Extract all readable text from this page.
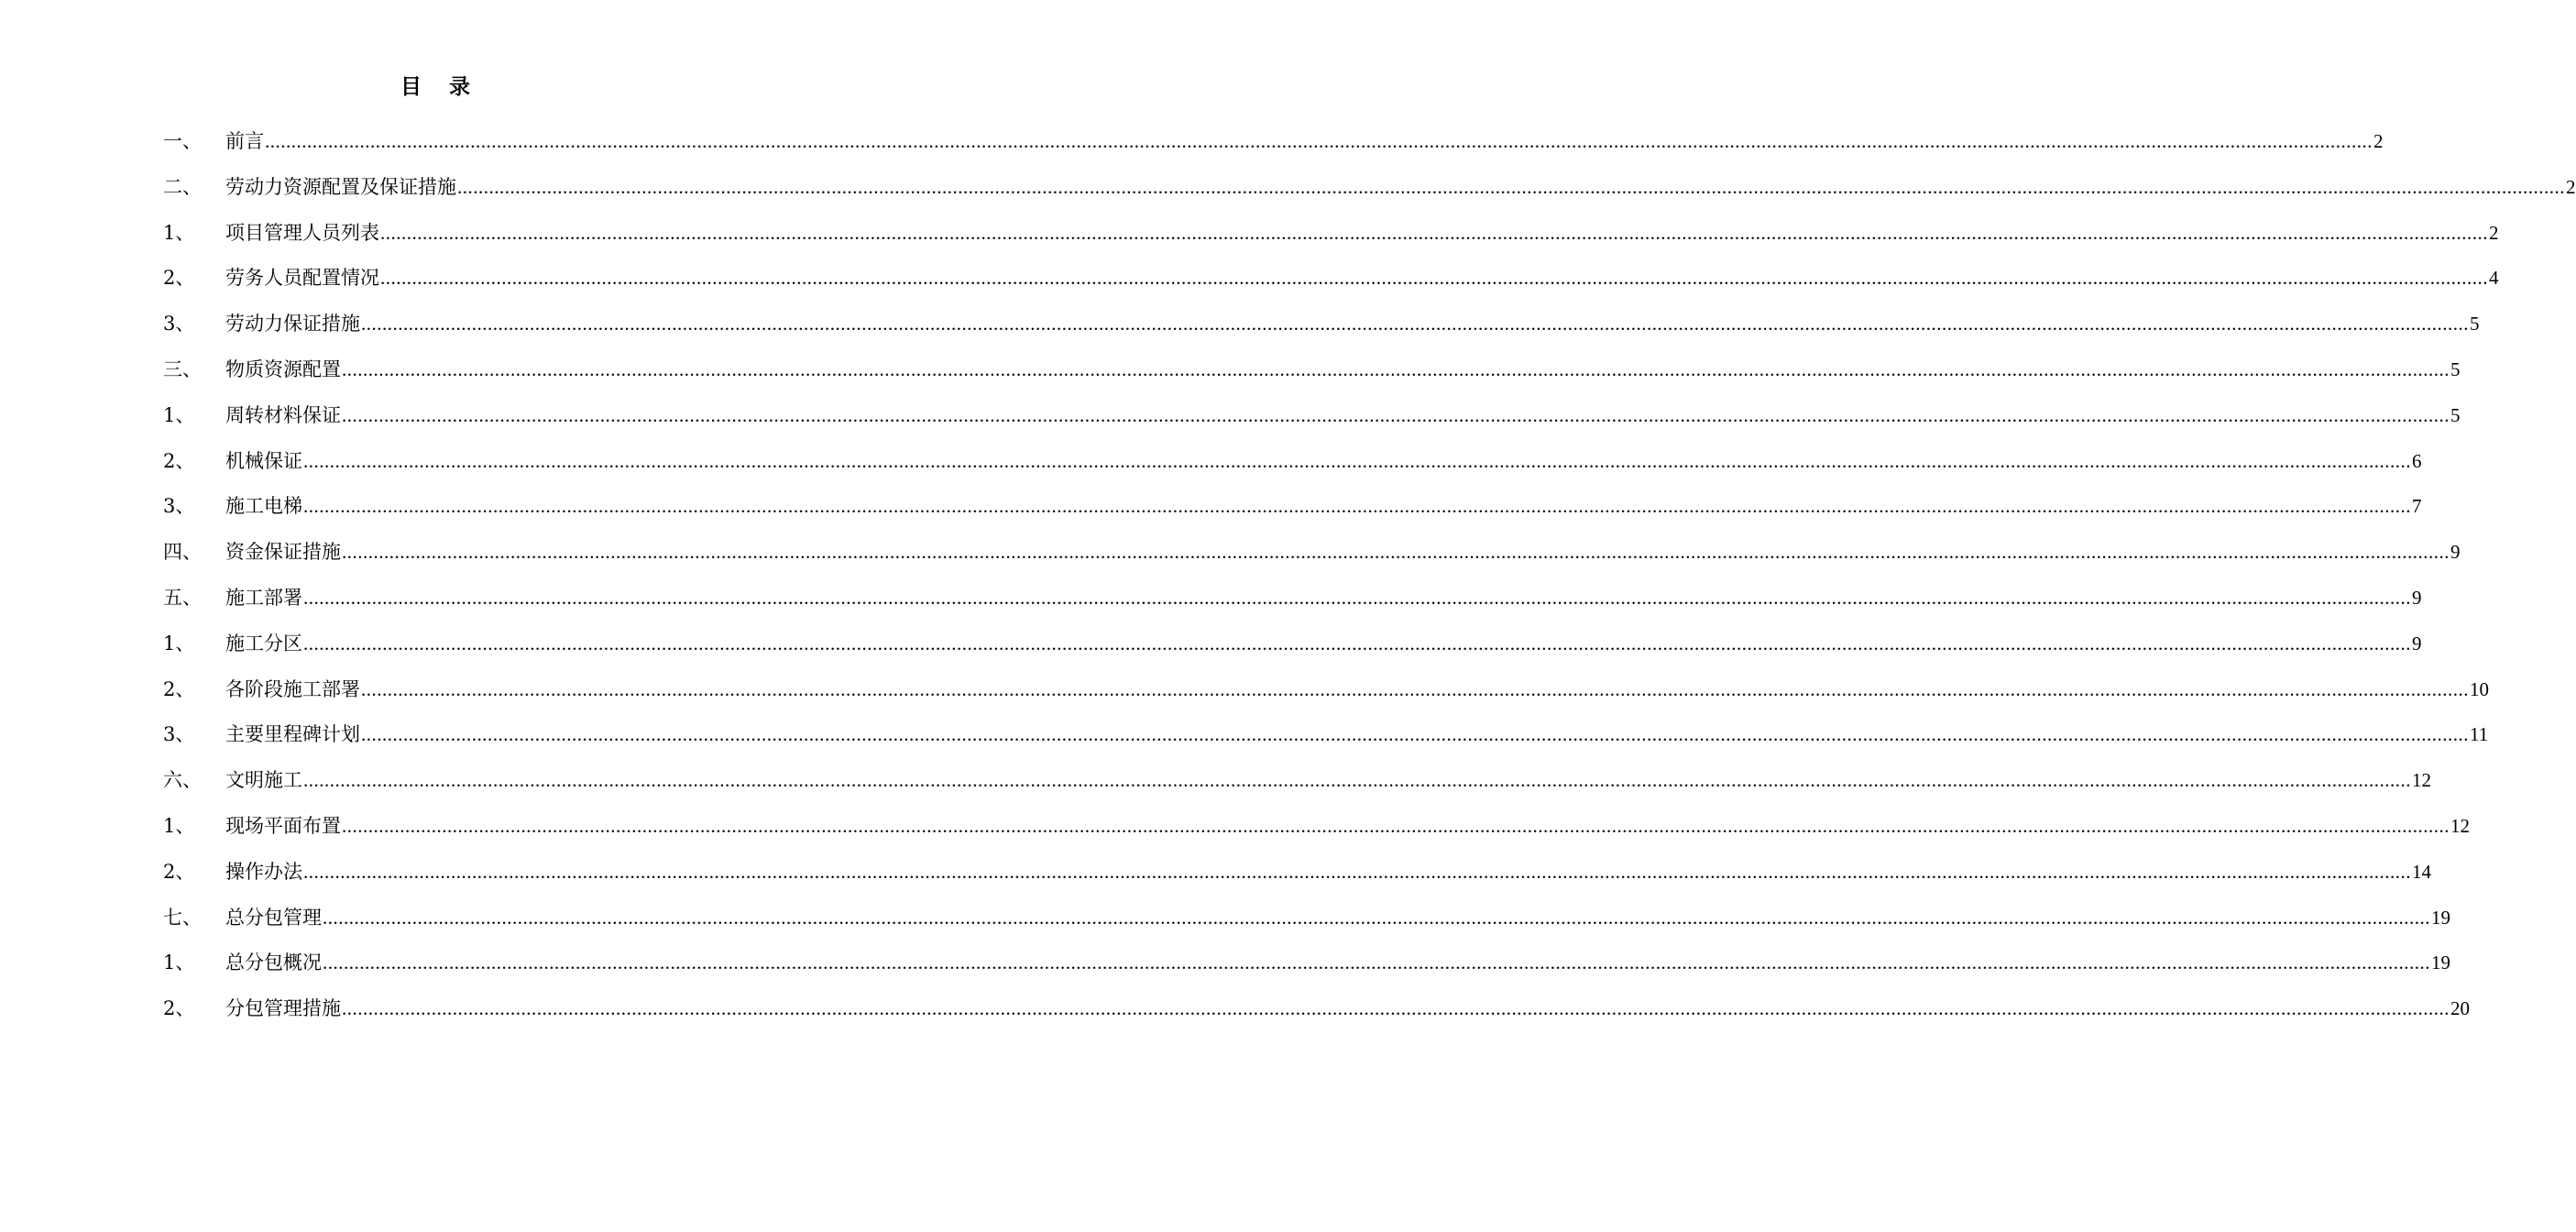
目 录
一、	前言 ................................................................................................................................................................................................................................................................................................................................................................................................................ 2
二、	劳动力资源配置及保证措施 ................................................................................................................................................................................................................................................................................................................................................................................................................ 2
1、	项目管理人员列表 ................................................................................................................................................................................................................................................................................................................................................................................................................ 2
2、	劳务人员配置情况 ................................................................................................................................................................................................................................................................................................................................................................................................................ 4
3、	劳动力保证措施 ................................................................................................................................................................................................................................................................................................................................................................................................................ 5
三、	物质资源配置 ................................................................................................................................................................................................................................................................................................................................................................................................................ 5
1、	周转材料保证 ................................................................................................................................................................................................................................................................................................................................................................................................................ 5
2、	机械保证 ................................................................................................................................................................................................................................................................................................................................................................................................................ 6
3、	施工电梯 ................................................................................................................................................................................................................................................................................................................................................................................................................ 7
四、	资金保证措施 ................................................................................................................................................................................................................................................................................................................................................................................................................ 9
五、	施工部署 ................................................................................................................................................................................................................................................................................................................................................................................................................ 9
1、	施工分区 ................................................................................................................................................................................................................................................................................................................................................................................................................ 9
2、	各阶段施工部署 ................................................................................................................................................................................................................................................................................................................................................................................................................ 10
3、	主要里程碑计划 ................................................................................................................................................................................................................................................................................................................................................................................................................ 11
六、	文明施工 ................................................................................................................................................................................................................................................................................................................................................................................................................ 12
1、	现场平面布置 ................................................................................................................................................................................................................................................................................................................................................................................................................ 12
2、	操作办法 ................................................................................................................................................................................................................................................................................................................................................................................................................ 14
七、	总分包管理 ................................................................................................................................................................................................................................................................................................................................................................................................................ 19
1、	总分包概况 ................................................................................................................................................................................................................................................................................................................................................................................................................ 19
2、	分包管理措施 ................................................................................................................................................................................................................................................................................................................................................................................................................ 20
